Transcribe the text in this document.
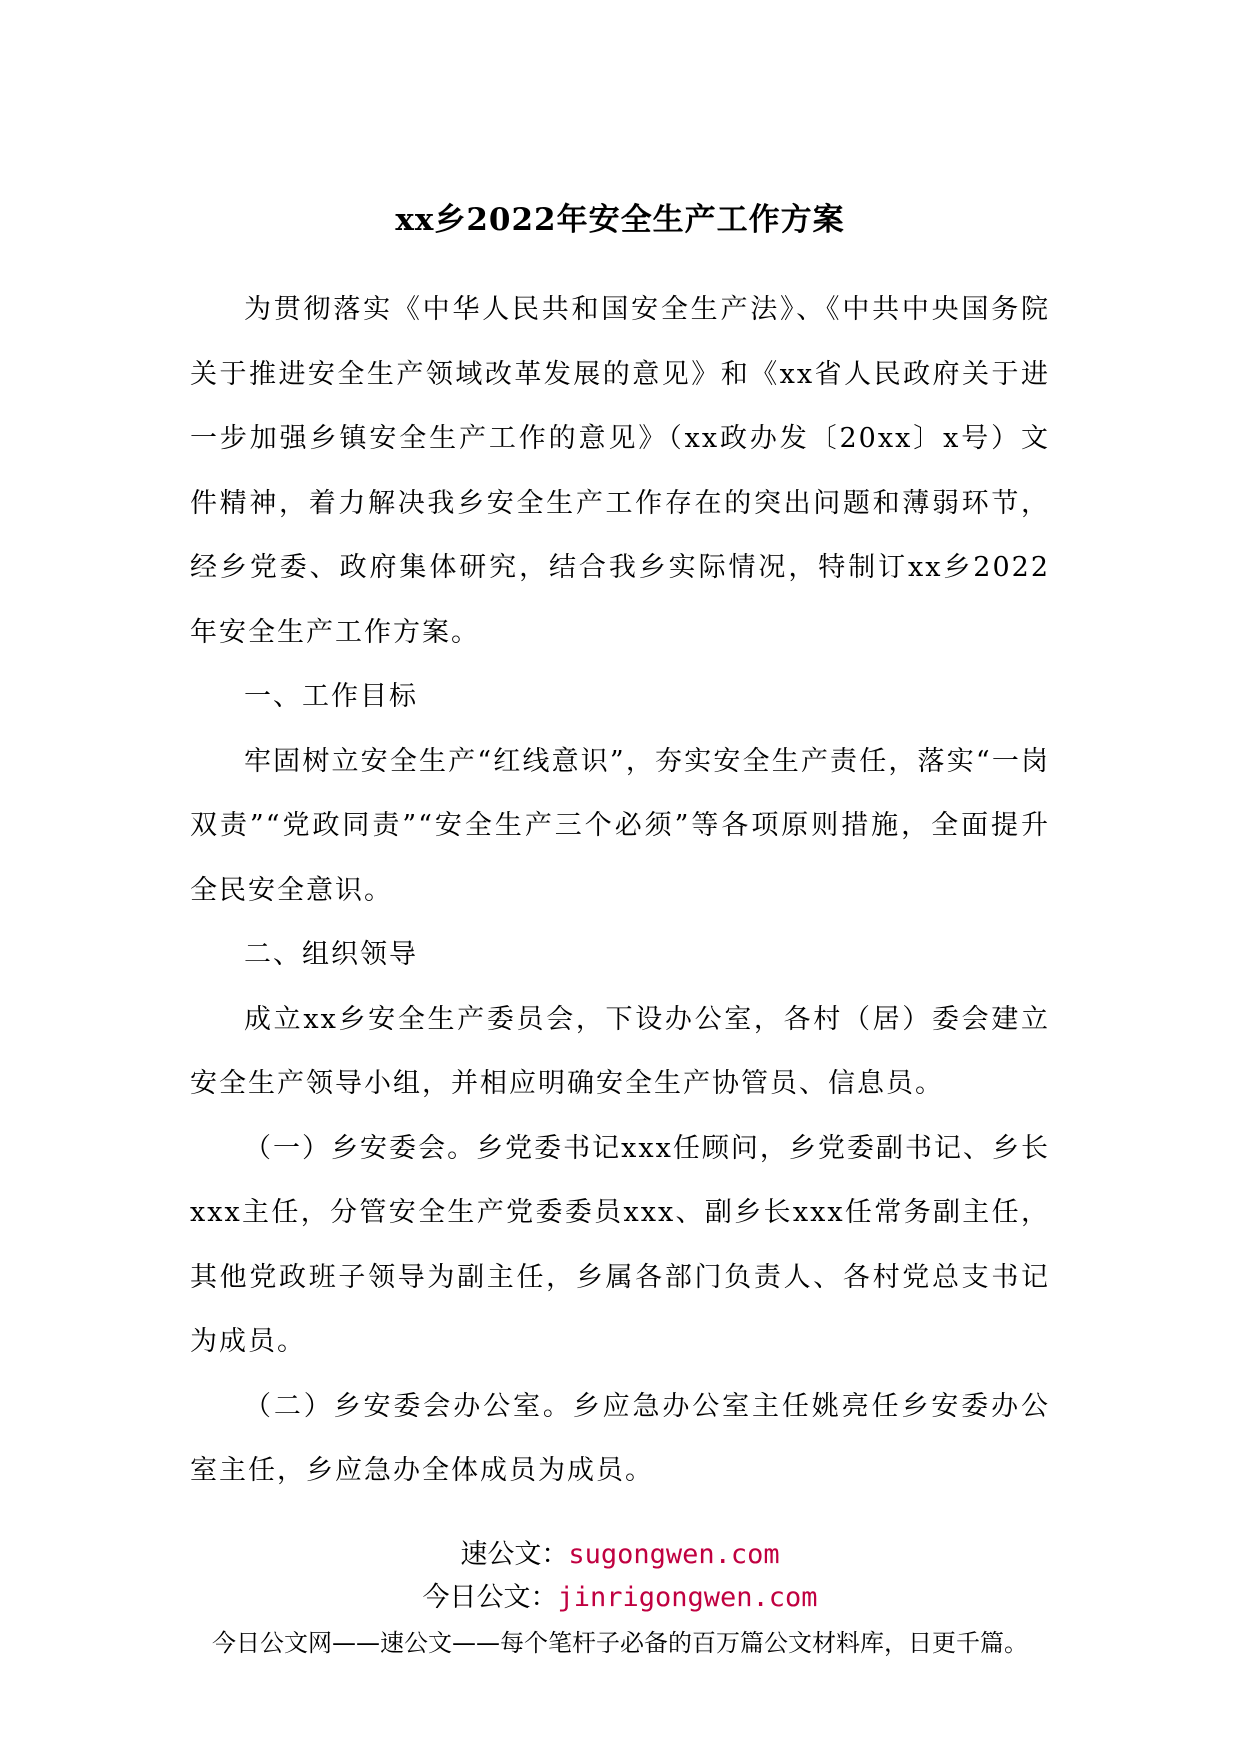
xx乡2022年安全生产工作方案

为贯彻落实《中华人民共和国安全生产法》、《中共中央国务院关于推进安全生产领域改革发展的意见》和《xx省人民政府关于进一步加强乡镇安全生产工作的意见》（xx政办发〔20xx〕x号）文件精神，着力解决我乡安全生产工作存在的突出问题和薄弱环节，经乡党委、政府集体研究，结合我乡实际情况，特制订xx乡2022年安全生产工作方案。

一、工作目标

牢固树立安全生产“红线意识”，夯实安全生产责任，落实“一岗双责”“党政同责”“安全生产三个必须”等各项原则措施，全面提升全民安全意识。

二、组织领导

成立xx乡安全生产委员会，下设办公室，各村（居）委会建立安全生产领导小组，并相应明确安全生产协管员、信息员。

（一）乡安委会。乡党委书记xxx任顾问，乡党委副书记、乡长xxx主任，分管安全生产党委委员xxx、副乡长xxx任常务副主任，其他党政班子领导为副主任，乡属各部门负责人、各村党总支书记为成员。

（二）乡安委会办公室。乡应急办公室主任姚亮任乡安委办公室主任，乡应急办全体成员为成员。

速公文：sugongwen.com

今日公文：jinrigongwen.com

今日公文网——速公文——每个笔杆子必备的百万篇公文材料库，日更千篇。
